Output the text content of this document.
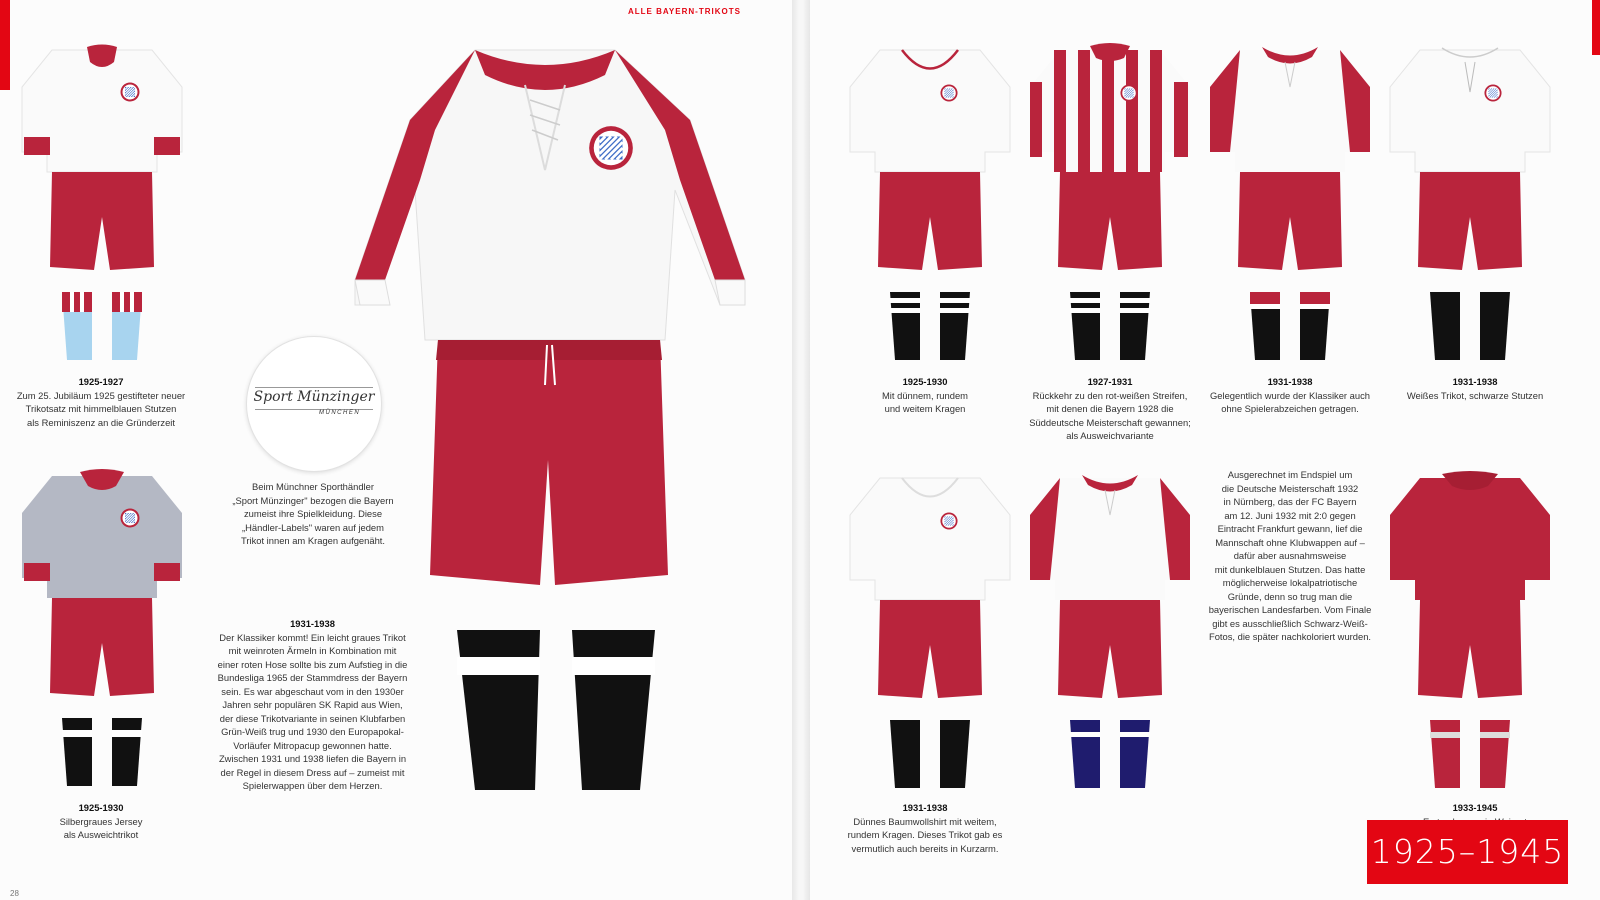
ALLE BAYERN-TRIKOTS
1925-1927
Zum 25. Jubiläum 1925 gestifteter neuer
Trikotsatz mit himmelblauen Stutzen
als Reminiszenz an die Gründerzeit
1925-1930
Silbergraues Jersey
als Ausweichtrikot
Sport Münzinger
MÜNCHEN
Beim Münchner Sporthändler
„Sport Münzinger" bezogen die Bayern
zumeist ihre Spielkleidung. Diese
„Händler-Labels" waren auf jedem
Trikot innen am Kragen aufgenäht.
1931-1938
Der Klassiker kommt! Ein leicht graues Trikot
mit weinroten Ärmeln in Kombination mit
einer roten Hose sollte bis zum Aufstieg in die
Bundesliga 1965 der Stammdress der Bayern
sein. Es war abgeschaut vom in den 1930er
Jahren sehr populären SK Rapid aus Wien,
der diese Trikotvariante in seinen Klubfarben
Grün-Weiß trug und 1930 den Europapokal-
Vorläufer Mitropacup gewonnen hatte.
Zwischen 1931 und 1938 liefen die Bayern in
der Regel in diesem Dress auf – zumeist mit
Spielerwappen über dem Herzen.
28
1925-1930
Mit dünnem, rundem
und weitem Kragen
1927-1931
Rückkehr zu den rot-weißen Streifen,
mit denen die Bayern 1928 die
Süddeutsche Meisterschaft gewannen;
als Ausweichvariante
1931-1938
Gelegentlich wurde der Klassiker auch
ohne Spielerabzeichen getragen.
1931-1938
Weißes Trikot, schwarze Stutzen
1931-1938
Dünnes Baumwollshirt mit weitem,
rundem Kragen. Dieses Trikot gab es
vermutlich auch bereits in Kurzarm.
Ausgerechnet im Endspiel um
die Deutsche Meisterschaft 1932
in Nürnberg, das der FC Bayern
am 12. Juni 1932 mit 2:0 gegen
Eintracht Frankfurt gewann, lief die
Mannschaft ohne Klubwappen auf –
dafür aber ausnahmsweise
mit dunkelblauen Stutzen. Das hatte
möglicherweise lokalpatriotische
Gründe, denn so trug man die
bayerischen Landesfarben. Vom Finale
gibt es ausschließlich Schwarz-Weiß-
Fotos, die später nachkoloriert wurden.
1933-1945
1925–1945
